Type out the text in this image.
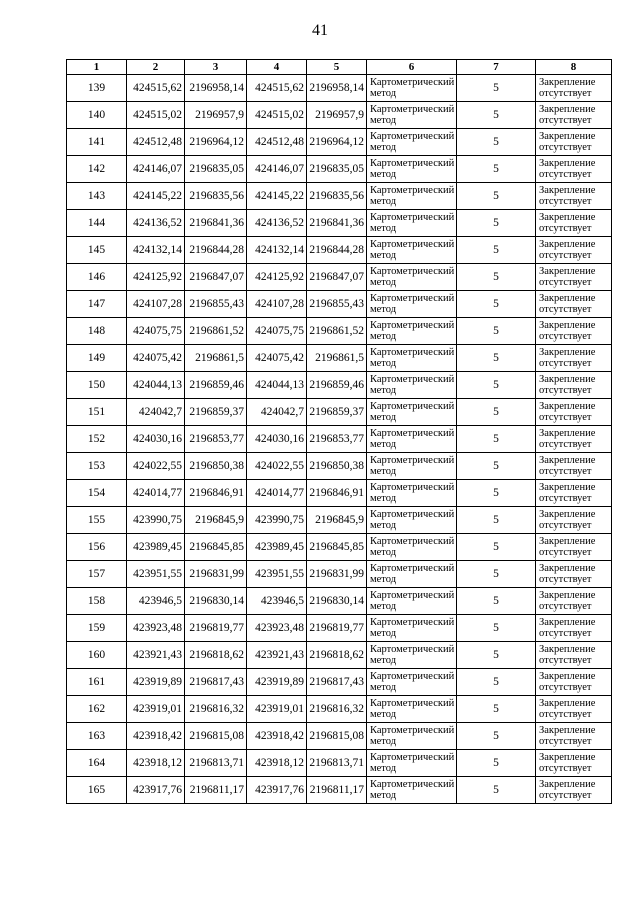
41
1	2	3	4	5	6	7	8
139	424515,62	2196958,14	424515,62	2196958,14	Картометрический метод	5	Закрепление отсутствует
140	424515,02	2196957,9	424515,02	2196957,9	Картометрический метод	5	Закрепление отсутствует
141	424512,48	2196964,12	424512,48	2196964,12	Картометрический метод	5	Закрепление отсутствует
142	424146,07	2196835,05	424146,07	2196835,05	Картометрический метод	5	Закрепление отсутствует
143	424145,22	2196835,56	424145,22	2196835,56	Картометрический метод	5	Закрепление отсутствует
144	424136,52	2196841,36	424136,52	2196841,36	Картометрический метод	5	Закрепление отсутствует
145	424132,14	2196844,28	424132,14	2196844,28	Картометрический метод	5	Закрепление отсутствует
146	424125,92	2196847,07	424125,92	2196847,07	Картометрический метод	5	Закрепление отсутствует
147	424107,28	2196855,43	424107,28	2196855,43	Картометрический метод	5	Закрепление отсутствует
148	424075,75	2196861,52	424075,75	2196861,52	Картометрический метод	5	Закрепление отсутствует
149	424075,42	2196861,5	424075,42	2196861,5	Картометрический метод	5	Закрепление отсутствует
150	424044,13	2196859,46	424044,13	2196859,46	Картометрический метод	5	Закрепление отсутствует
151	424042,7	2196859,37	424042,7	2196859,37	Картометрический метод	5	Закрепление отсутствует
152	424030,16	2196853,77	424030,16	2196853,77	Картометрический метод	5	Закрепление отсутствует
153	424022,55	2196850,38	424022,55	2196850,38	Картометрический метод	5	Закрепление отсутствует
154	424014,77	2196846,91	424014,77	2196846,91	Картометрический метод	5	Закрепление отсутствует
155	423990,75	2196845,9	423990,75	2196845,9	Картометрический метод	5	Закрепление отсутствует
156	423989,45	2196845,85	423989,45	2196845,85	Картометрический метод	5	Закрепление отсутствует
157	423951,55	2196831,99	423951,55	2196831,99	Картометрический метод	5	Закрепление отсутствует
158	423946,5	2196830,14	423946,5	2196830,14	Картометрический метод	5	Закрепление отсутствует
159	423923,48	2196819,77	423923,48	2196819,77	Картометрический метод	5	Закрепление отсутствует
160	423921,43	2196818,62	423921,43	2196818,62	Картометрический метод	5	Закрепление отсутствует
161	423919,89	2196817,43	423919,89	2196817,43	Картометрический метод	5	Закрепление отсутствует
162	423919,01	2196816,32	423919,01	2196816,32	Картометрический метод	5	Закрепление отсутствует
163	423918,42	2196815,08	423918,42	2196815,08	Картометрический метод	5	Закрепление отсутствует
164	423918,12	2196813,71	423918,12	2196813,71	Картометрический метод	5	Закрепление отсутствует
165	423917,76	2196811,17	423917,76	2196811,17	Картометрический метод	5	Закрепление отсутствует
